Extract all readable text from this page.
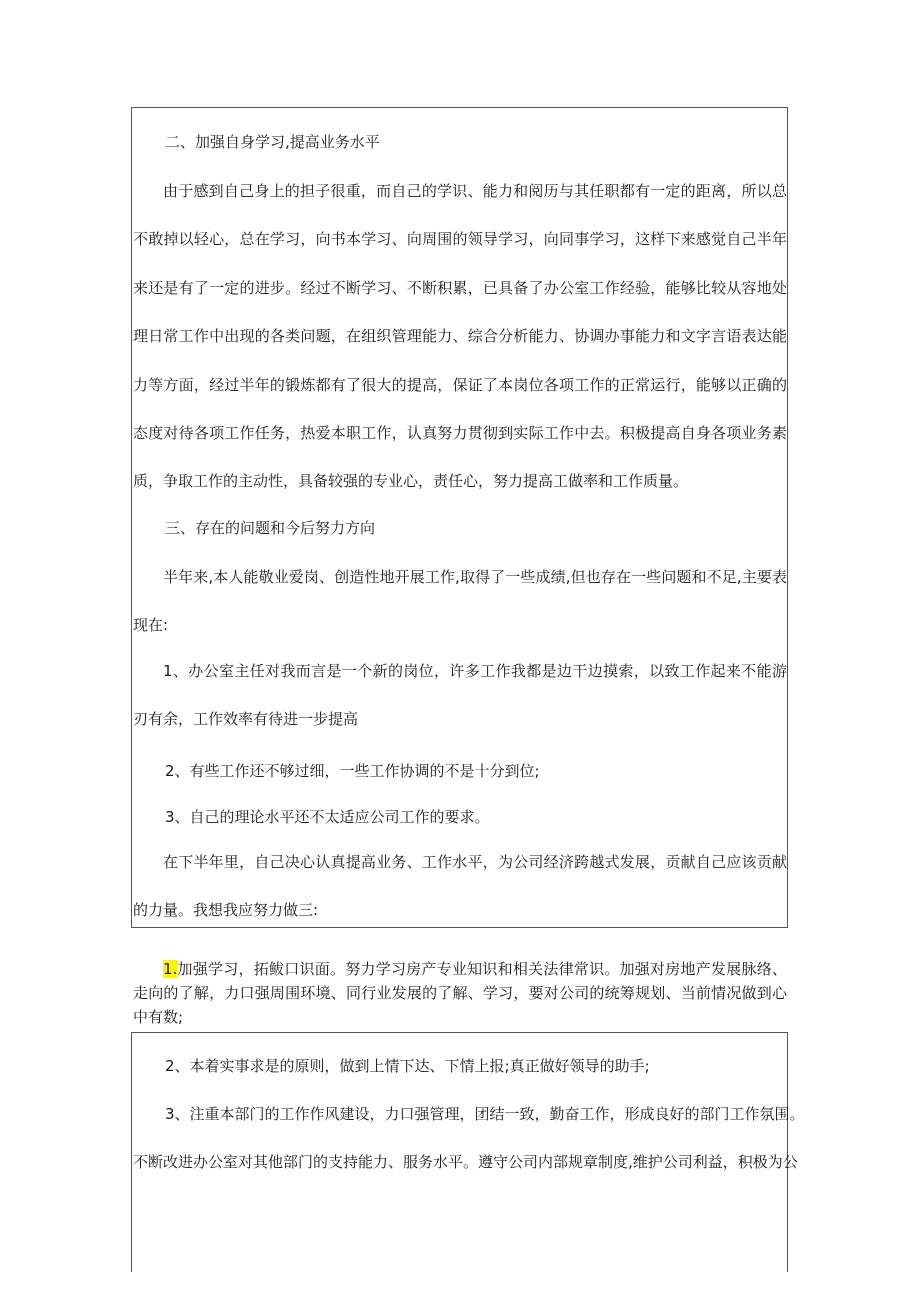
二、加强自身学习,提高业务水平

由于感到自己身上的担子很重，而自己的学识、能力和阅历与其任职都有一定的距离，所以总不敢掉以轻心，总在学习，向书本学习、向周围的领导学习，向同事学习，这样下来感觉自己半年来还是有了一定的进步。经过不断学习、不断积累，已具备了办公室工作经验，能够比较从容地处理日常工作中出现的各类问题，在组织管理能力、综合分析能力、协调办事能力和文字言语表达能力等方面，经过半年的锻炼都有了很大的提高，保证了本岗位各项工作的正常运行，能够以正确的态度对待各项工作任务，热爱本职工作，认真努力贯彻到实际工作中去。积极提高自身各项业务素质，争取工作的主动性，具备较强的专业心，责任心，努力提高工做率和工作质量。

三、存在的问题和今后努力方向

半年来,本人能敬业爱岗、创造性地开展工作,取得了一些成绩,但也存在一些问题和不足,主要表现在:

1、办公室主任对我而言是一个新的岗位，许多工作我都是边干边摸索，以致工作起来不能游刃有余，工作效率有待进一步提高

2、有些工作还不够过细，一些工作协调的不是十分到位;

3、自己的理论水平还不太适应公司工作的要求。

在下半年里，自己决心认真提高业务、工作水平，为公司经济跨越式发展，贡献自己应该贡献的力量。我想我应努力做三:

1.加强学习，拓鲅口识面。努力学习房产专业知识和相关法律常识。加强对房地产发展脉络、走向的了解，力口强周围环境、同行业发展的了解、学习，要对公司的统筹规划、当前情况做到心中有数;

2、本着实事求是的原则，做到上情下达、下情上报;真正做好领导的助手;

3、注重本部门的工作作风建设，力口强管理，团结一致，勤奋工作，形成良好的部门工作氛围。

不断改进办公室对其他部门的支持能力、服务水平。遵守公司内部规章制度,维护公司利益，积极为公
